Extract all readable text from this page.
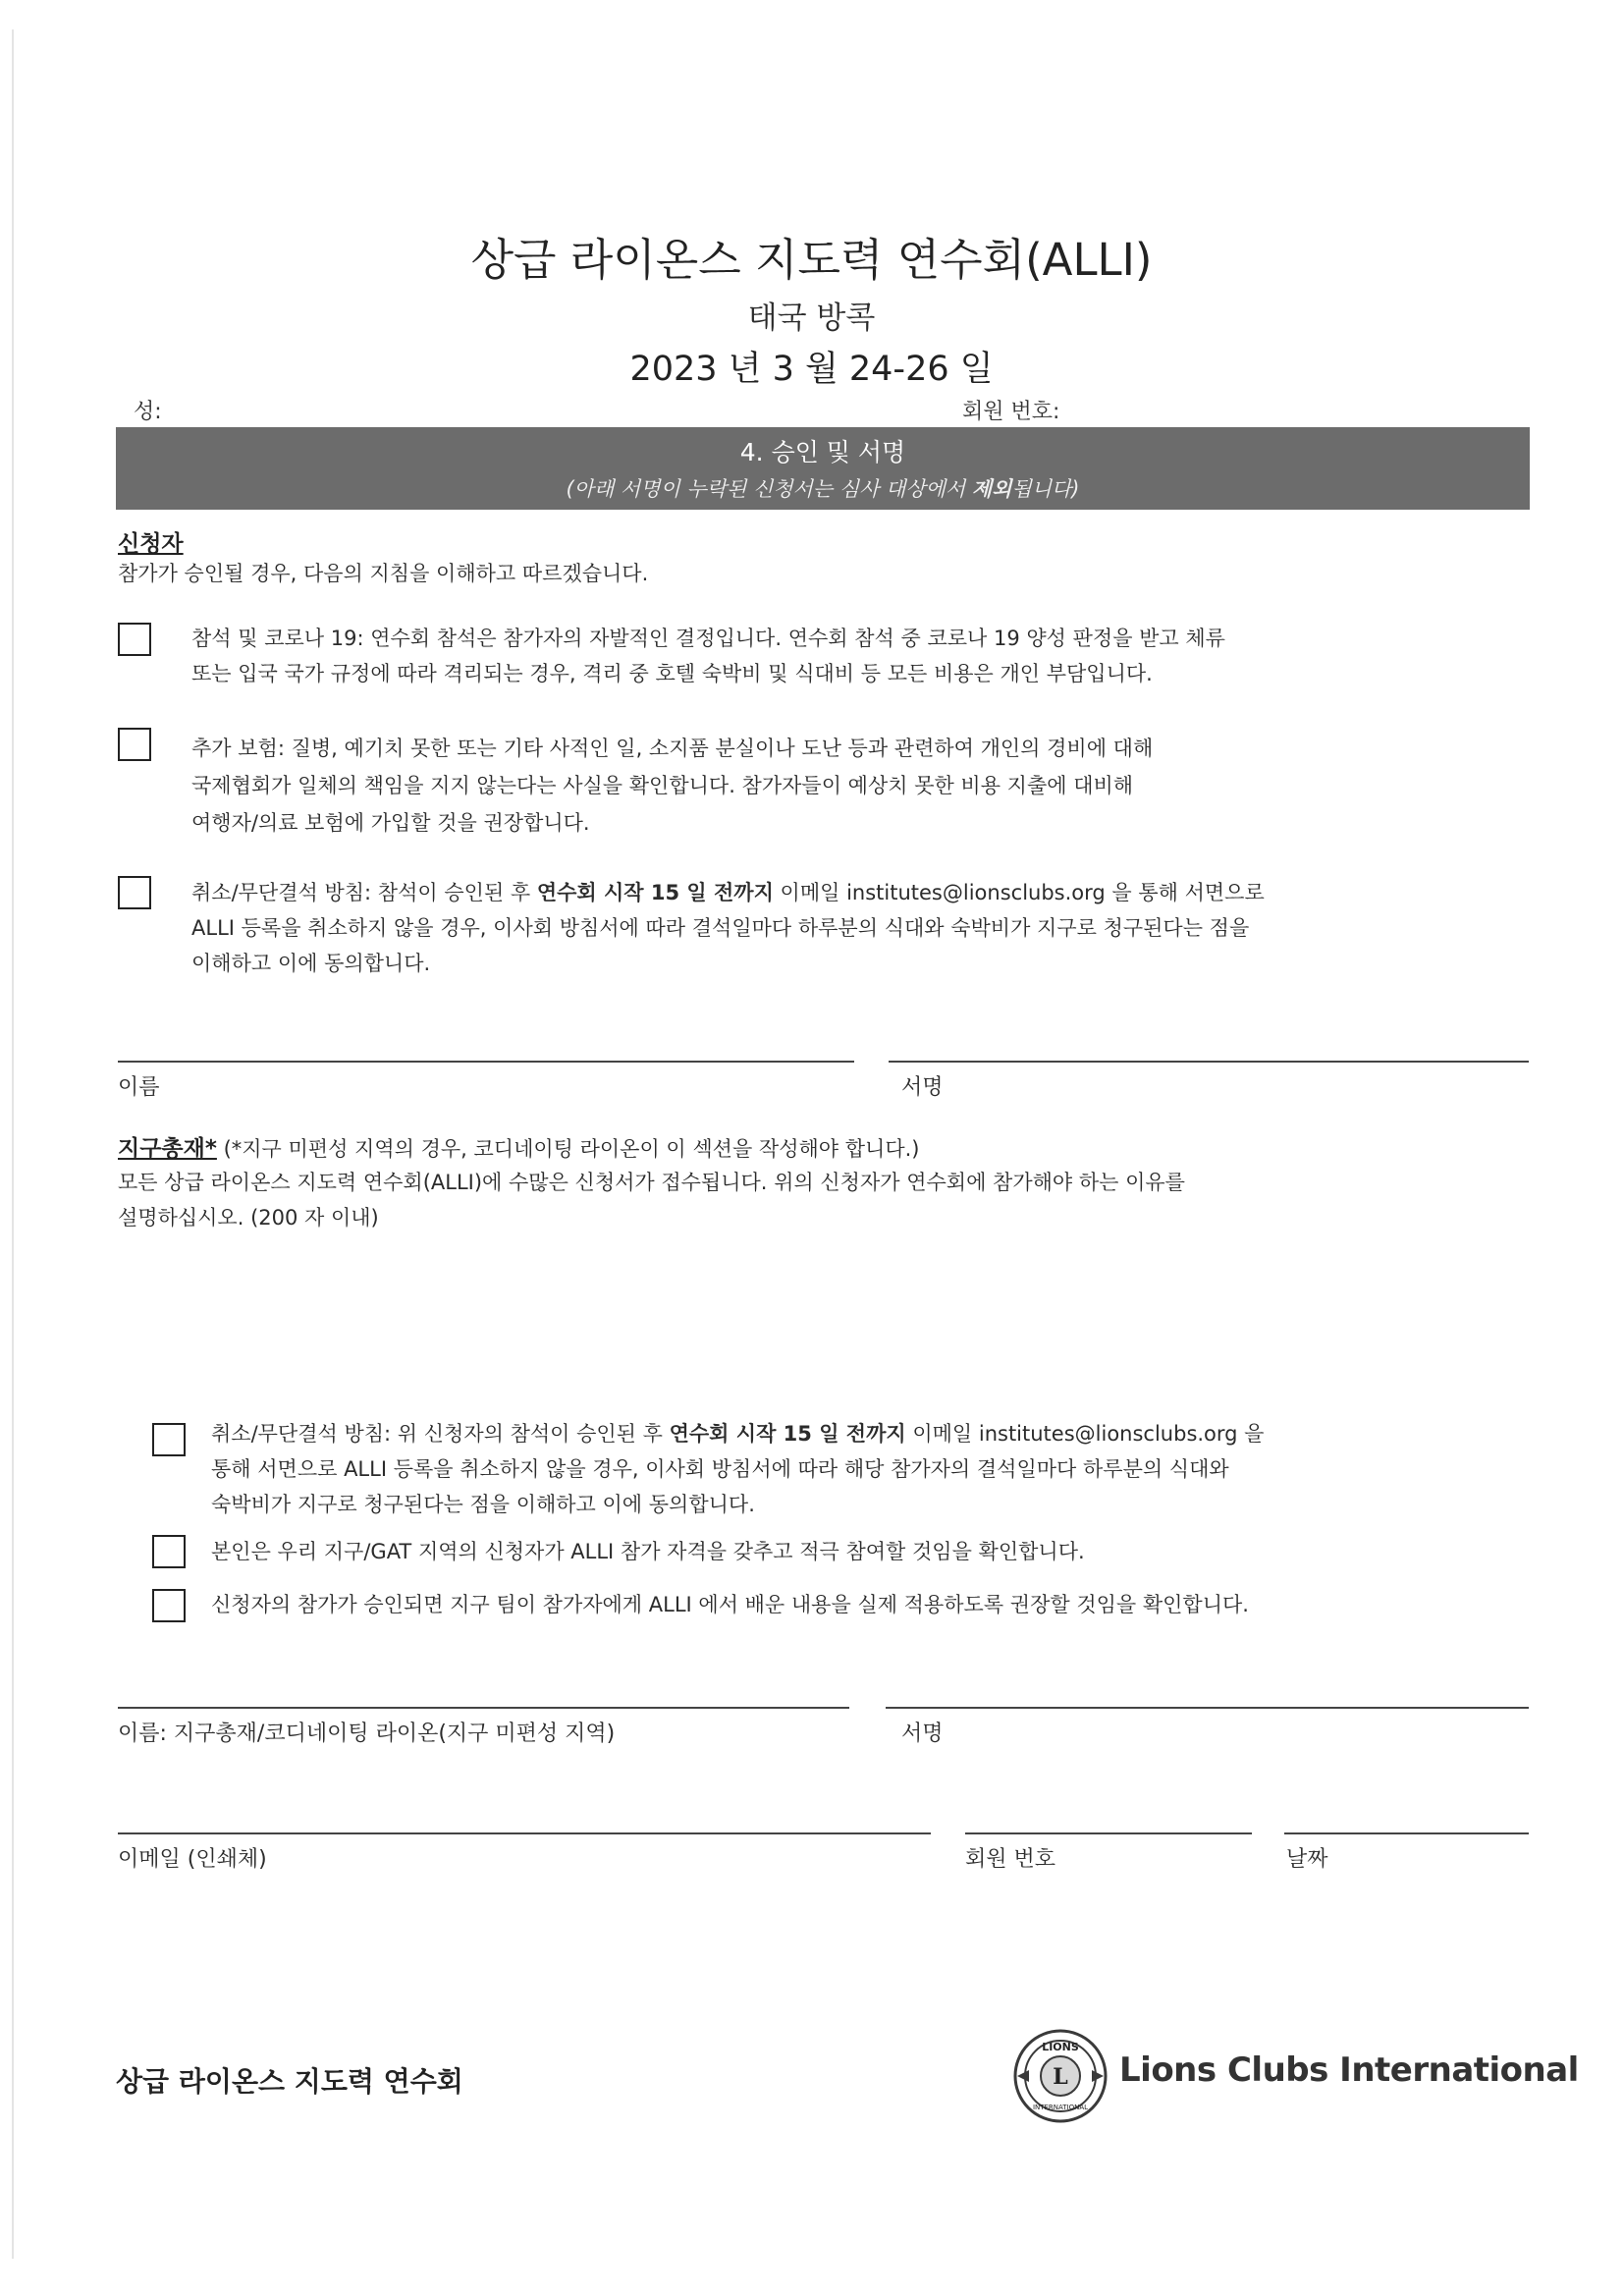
상급 라이온스 지도력 연수회(ALLI)
태국 방콕
2023 년 3 월 24-26 일
성:	회원 번호:
4. 승인 및 서명
(아래 서명이 누락된 신청서는 심사 대상에서 제외됩니다)
신청자
참가가 승인될 경우, 다음의 지침을 이해하고 따르겠습니다.
참석 및 코로나 19: 연수회 참석은 참가자의 자발적인 결정입니다. 연수회 참석 중 코로나 19 양성 판정을 받고 체류
또는 입국 국가 규정에 따라 격리되는 경우, 격리 중 호텔 숙박비 및 식대비 등 모든 비용은 개인 부담입니다.
추가 보험: 질병, 예기치 못한 또는 기타 사적인 일, 소지품 분실이나 도난 등과 관련하여 개인의 경비에 대해
국제협회가 일체의 책임을 지지 않는다는 사실을 확인합니다. 참가자들이 예상치 못한 비용 지출에 대비해
여행자/의료 보험에 가입할 것을 권장합니다.
취소/무단결석 방침: 참석이 승인된 후 연수회 시작 15 일 전까지 이메일 institutes@lionsclubs.org 을 통해 서면으로
ALLI 등록을 취소하지 않을 경우, 이사회 방침서에 따라 결석일마다 하루분의 식대와 숙박비가 지구로 청구된다는 점을
이해하고 이에 동의합니다.
이름	서명
지구총재* (*지구 미편성 지역의 경우, 코디네이팅 라이온이 이 섹션을 작성해야 합니다.)
모든 상급 라이온스 지도력 연수회(ALLI)에 수많은 신청서가 접수됩니다. 위의 신청자가 연수회에 참가해야 하는 이유를
설명하십시오. (200 자 이내)
취소/무단결석 방침: 위 신청자의 참석이 승인된 후 연수회 시작 15 일 전까지 이메일 institutes@lionsclubs.org 을
통해 서면으로 ALLI 등록을 취소하지 않을 경우, 이사회 방침서에 따라 해당 참가자의 결석일마다 하루분의 식대와
숙박비가 지구로 청구된다는 점을 이해하고 이에 동의합니다.
본인은 우리 지구/GAT 지역의 신청자가 ALLI 참가 자격을 갖추고 적극 참여할 것임을 확인합니다.
신청자의 참가가 승인되면 지구 팀이 참가자에게 ALLI 에서 배운 내용을 실제 적용하도록 권장할 것임을 확인합니다.
이름: 지구총재/코디네이팅 라이온(지구 미편성 지역)	서명
이메일 (인쇄체)	회원 번호	날짜
상급 라이온스 지도력 연수회	L
LIONS
INTERNATIONAL
Lions Clubs International
